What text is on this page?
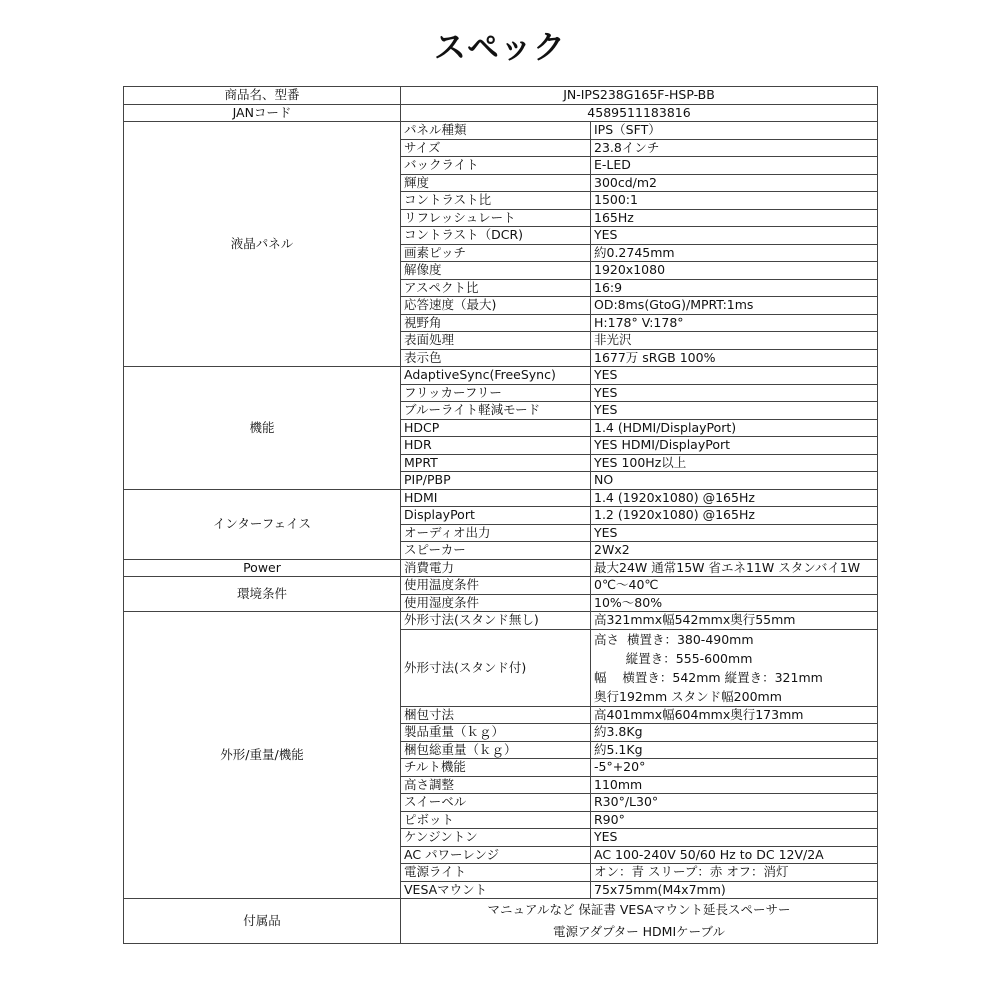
スペック
商品名、型番	JN-IPS238G165F-HSP-BB	
JANコード	4589511183816	
液晶パネル	パネル種類	IPS（SFT）
	サイズ	23.8インチ
	バックライト	E-LED
	輝度	300cd/m2
	コントラスト比	1500:1
	リフレッシュレート	165Hz
	コントラスト（DCR)	YES
	画素ピッチ	約0.2745mm
	解像度	1920x1080
	アスペクト比	16:9
	応答速度（最大)	OD:8ms(GtoG)/MPRT:1ms
	視野角	H:178° V:178°
	表面処理	非光沢
	表示色	1677万 sRGB 100%
機能	AdaptiveSync(FreeSync)	YES
	フリッカーフリー	YES
	ブルーライト軽減モード	YES
	HDCP	1.4 (HDMI/DisplayPort)
	HDR	YES HDMI/DisplayPort
	MPRT	YES 100Hz以上
	PIP/PBP	NO
インターフェイス	HDMI	1.4 (1920x1080) @165Hz
	DisplayPort	1.2 (1920x1080) @165Hz
	オーディオ出力	YES
	スピーカー	2Wx2
Power	消費電力	最大24W 通常15W 省エネ11W スタンバイ1W
環境条件	使用温度条件	0℃～40℃
	使用湿度条件	10%～80%
外形/重量/機能	外形寸法(スタンド無し)	高321mmx幅542mmx奥行55mm
	外形寸法(スタンド付)	高さ  横置き：380-490mm
縦置き：555-600mm
幅    横置き：542mm 縦置き：321mm
奥行192mm スタンド幅200mm

	梱包寸法	高401mmx幅604mmx奥行173mm
	製品重量（ｋｇ）	約3.8Kg
	梱包総重量（ｋｇ）	約5.1Kg
	チルト機能	-5°+20°
	高さ調整	110mm
	スイーベル	R30°/L30°
	ピボット	R90°
	ケンジントン	YES
	AC パワーレンジ	AC 100-240V 50/60 Hz to DC 12V/2A
	電源ライト	オン：青 スリープ：赤 オフ：消灯
	VESAマウント	75x75mm(M4x7mm)
付属品	マニュアルなど 保証書 VESAマウント延長スペーサー
電源アダプター HDMIケーブル	
